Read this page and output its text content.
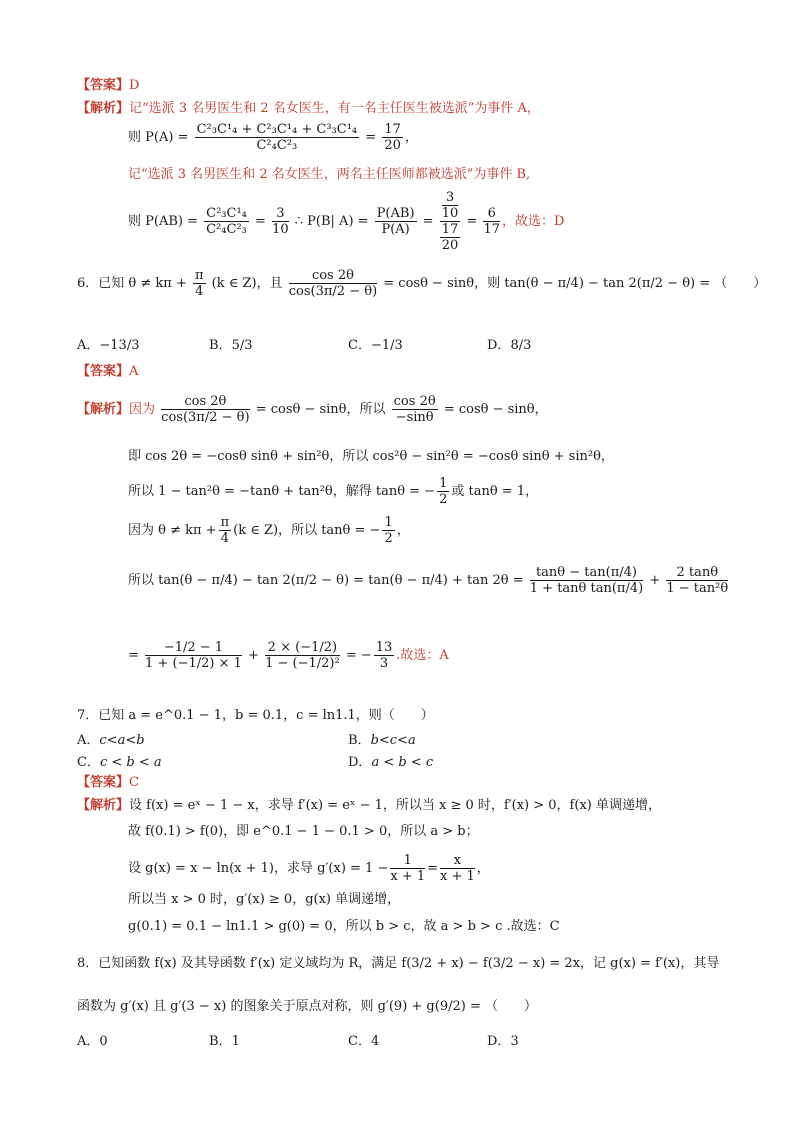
【答案】D
【解析】记“选派 3 名男医生和 2 名女医生，有一名主任医生被选派”为事件 A，
则 $P(A) = \frac{\text{C²₃C¹₄ + C²₃C¹₄ + C³₃C¹₄}}{\text{C²₄C²₃}} = \frac{17}{20}$ ，
记“选派 3 名男医生和 2 名女医生，两名主任医师都被选派”为事件 B,
则 $P(AB) = \frac{\text{C²₃C¹₄}}{\text{C²₄C²₃}} = \frac{3}{10}$ ∴ P(B| $A) = \frac{P(AB)}{P(A)} = \frac{\frac{3}{10}}{\frac{17}{20}} = \frac{6}{17}$ ，故选：D
6．已知 $\theta \ne k\pi + \frac{\pi}{4} (k$ ∈ Z)，且 $\frac{\cos 2\theta}{\cos(3\pi/2 - \theta)} = \cos\theta - \sin\theta$，则 tan(θ − π/4) − tan 2(π/2 − θ) = （　　）
A．−13/3	B．5/3	C．−1/3	D．8/3
【答案】A
【解析】因为 $\frac{\cos 2\theta}{\cos(3\pi/2 - \theta)} = \cos\theta - \sin\theta$，所以 $\frac{\cos 2\theta}{-\sin\theta} = \cos\theta - \sin\theta$，
即 cos 2θ = −cosθ sinθ + sin²θ，所以 cos²θ − sin²θ = −cosθ sinθ + sin²θ，
所以 1 − tan²θ = −tanθ + tan²θ，解得 tanθ = − $\frac{1}{2}$ 或 tanθ = 1，
因为 $\theta \ne k\pi + \frac{\pi}{4} (k$ ∈ Z)，所以 tanθ = − $\frac{1}{2}$ ，
所以 $\tan(\theta - \pi/4) - \tan 2(\pi/2 - \theta) = \tan(\theta - \pi/4) + \tan 2\theta = \frac{\tan\theta - \tan(\pi/4)}{\text{1 + tanθ tan(π/4)}} + \frac{2 \tan\theta}{\text{1 − tan²θ}}$
= $\frac{-1/2 - 1}{1 + (-1/2) \times 1} + \frac{2 \times (-1/2)}{\text{1 − (−1/2)²}}$ = − $\frac{13}{3}$ .故选：A
7．已知 a = e^0.1 − 1，b = 0.1，c = ln1.1，则（　　）
A．c<a<b	B．b<c<a
C．c < b < a	D．a < b < c
【答案】C
【解析】设 f(x) = eˣ − 1 − x，求导 f′(x) = eˣ − 1，所以当 x ≥ 0 时，f′(x) > 0，f(x) 单调递增，
故 f(0.1) > f(0)，即 e^0.1 − 1 − 0.1 > 0，所以 a > b；
设 g(x) = x − ln(x + 1)，求导 $g'(x) = 1 - \frac{1}{x + 1} = \frac{x}{x + 1}$ ，
所以当 x > 0 时，g′(x) ≥ 0，g(x) 单调递增，
g(0.1) = 0.1 − ln1.1 > g(0) = 0，所以 b > c，故 a > b > c .故选：C
8．已知函数 f(x) 及其导函数 f′(x) 定义域均为 R，满足 f(3/2 + x) − f(3/2 − x) = 2x，记 g(x) = f′(x)，其导
函数为 g′(x) 且 g′(3 − x) 的图象关于原点对称，则 g′(9) + g(9/2) = （　　）
A．0	B．1	C．4	D．3
